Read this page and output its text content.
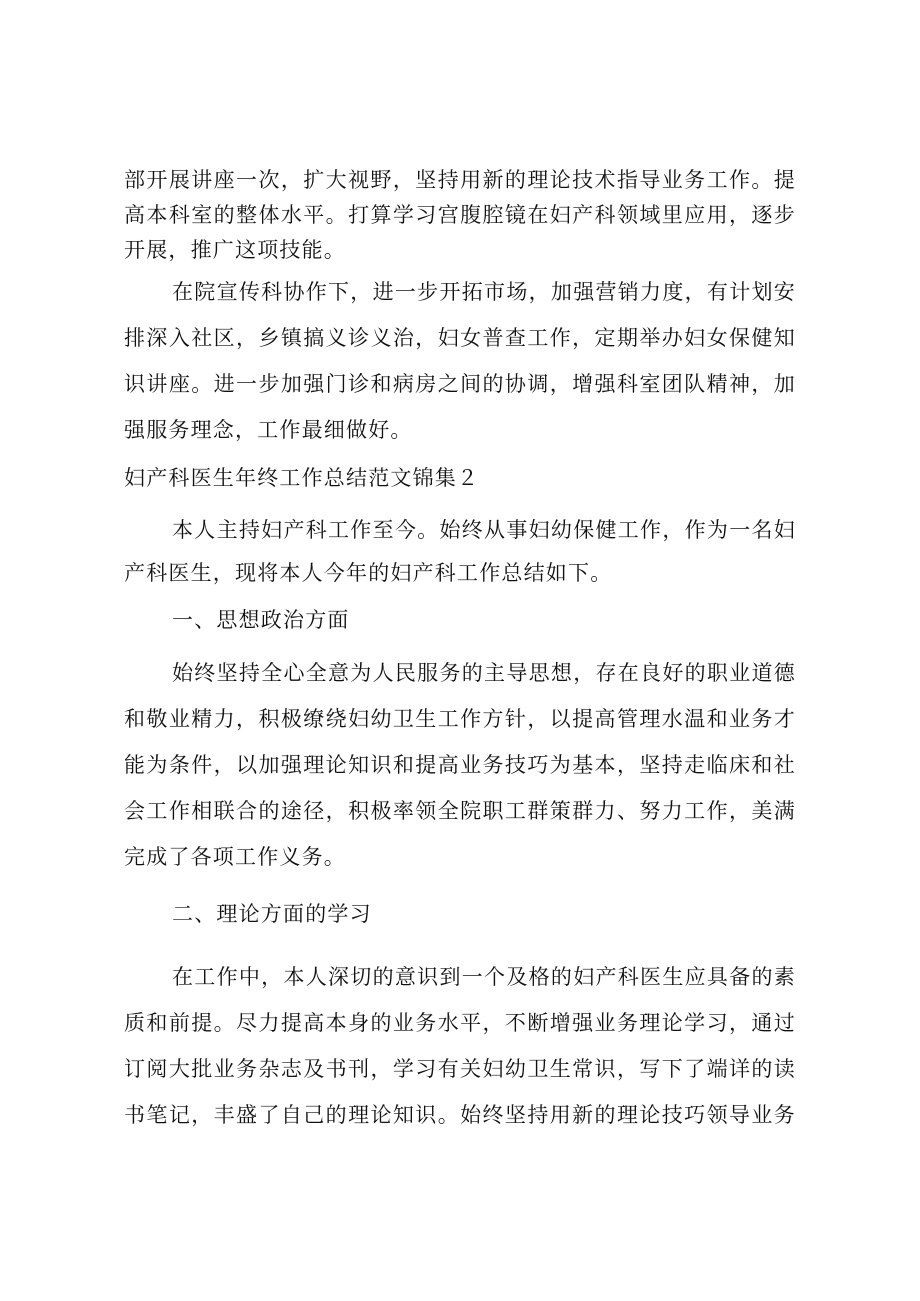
部开展讲座一次，扩大视野，坚持用新的理论技术指导业务工作。提

高本科室的整体水平。打算学习宫腹腔镜在妇产科领域里应用，逐步

开展，推广这项技能。

在院宣传科协作下，进一步开拓市场，加强营销力度，有计划安

排深入社区，乡镇搞义诊义治，妇女普查工作，定期举办妇女保健知

识讲座。进一步加强门诊和病房之间的协调，增强科室团队精神，加

强服务理念，工作最细做好。

妇产科医生年终工作总结范文锦集２

本人主持妇产科工作至今。始终从事妇幼保健工作，作为一名妇

产科医生，现将本人今年的妇产科工作总结如下。

一、思想政治方面

始终坚持全心全意为人民服务的主导思想，存在良好的职业道德

和敬业精力，积极缭绕妇幼卫生工作方针，以提高管理水温和业务才

能为条件，以加强理论知识和提高业务技巧为基本，坚持走临床和社

会工作相联合的途径，积极率领全院职工群策群力、努力工作，美满

完成了各项工作义务。

二、理论方面的学习

在工作中，本人深切的意识到一个及格的妇产科医生应具备的素

质和前提。尽力提高本身的业务水平，不断增强业务理论学习，通过

订阅大批业务杂志及书刊，学习有关妇幼卫生常识，写下了端详的读

书笔记，丰盛了自己的理论知识。始终坚持用新的理论技巧领导业务
